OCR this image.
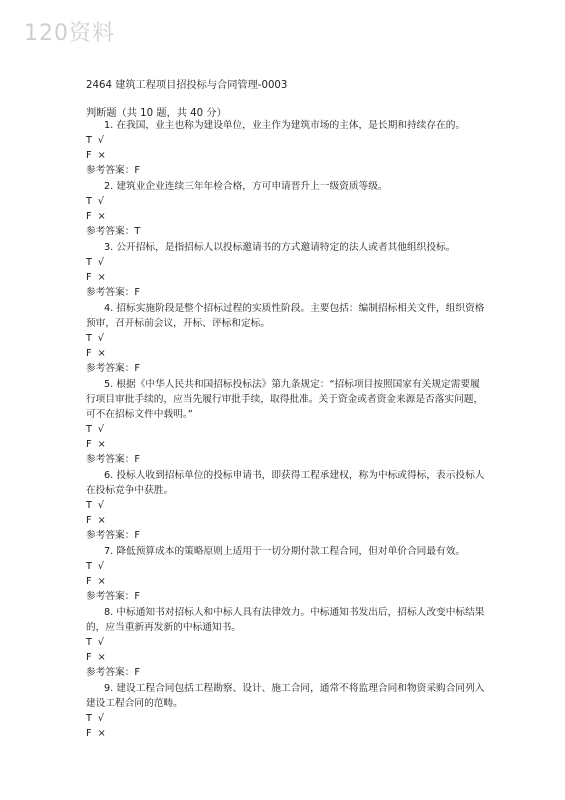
120资料
2464 建筑工程项目招投标与合同管理-0003
判断题（共 10 题，共 40 分）

1. 在我国，业主也称为建设单位，业主作为建筑市场的主体，是长期和持续存在的。

T √

F ×

参考答案：F

2. 建筑业企业连续三年年检合格，方可申请晋升上一级资质等级。

T √

F ×

参考答案：T

3. 公开招标，是指招标人以投标邀请书的方式邀请特定的法人或者其他组织投标。

T √

F ×

参考答案：F

4. 招标实施阶段是整个招标过程的实质性阶段。主要包括：编制招标相关文件，组织资格预审，召开标前会议，开标、评标和定标。

T √

F ×

参考答案：F

5. 根据《中华人民共和国招标投标法》第九条规定：“招标项目按照国家有关规定需要履行项目审批手续的，应当先履行审批手续，取得批准。关于资金或者资金来源是否落实问题，可不在招标文件中载明。”

T √

F ×

参考答案：F

6. 投标人收到招标单位的投标申请书，即获得工程承建权，称为中标或得标，表示投标人在投标竞争中获胜。

T √

F ×

参考答案：F

7. 降低预算成本的策略原则上适用于一切分期付款工程合同，但对单价合同最有效。

T √

F ×

参考答案：F

8. 中标通知书对招标人和中标人具有法律效力。中标通知书发出后，招标人改变中标结果的，应当重新再发新的中标通知书。

T √

F ×

参考答案：F

9. 建设工程合同包括工程勘察、设计、施工合同，通常不将监理合同和物资采购合同列入建设工程合同的范畴。

T √

F ×
